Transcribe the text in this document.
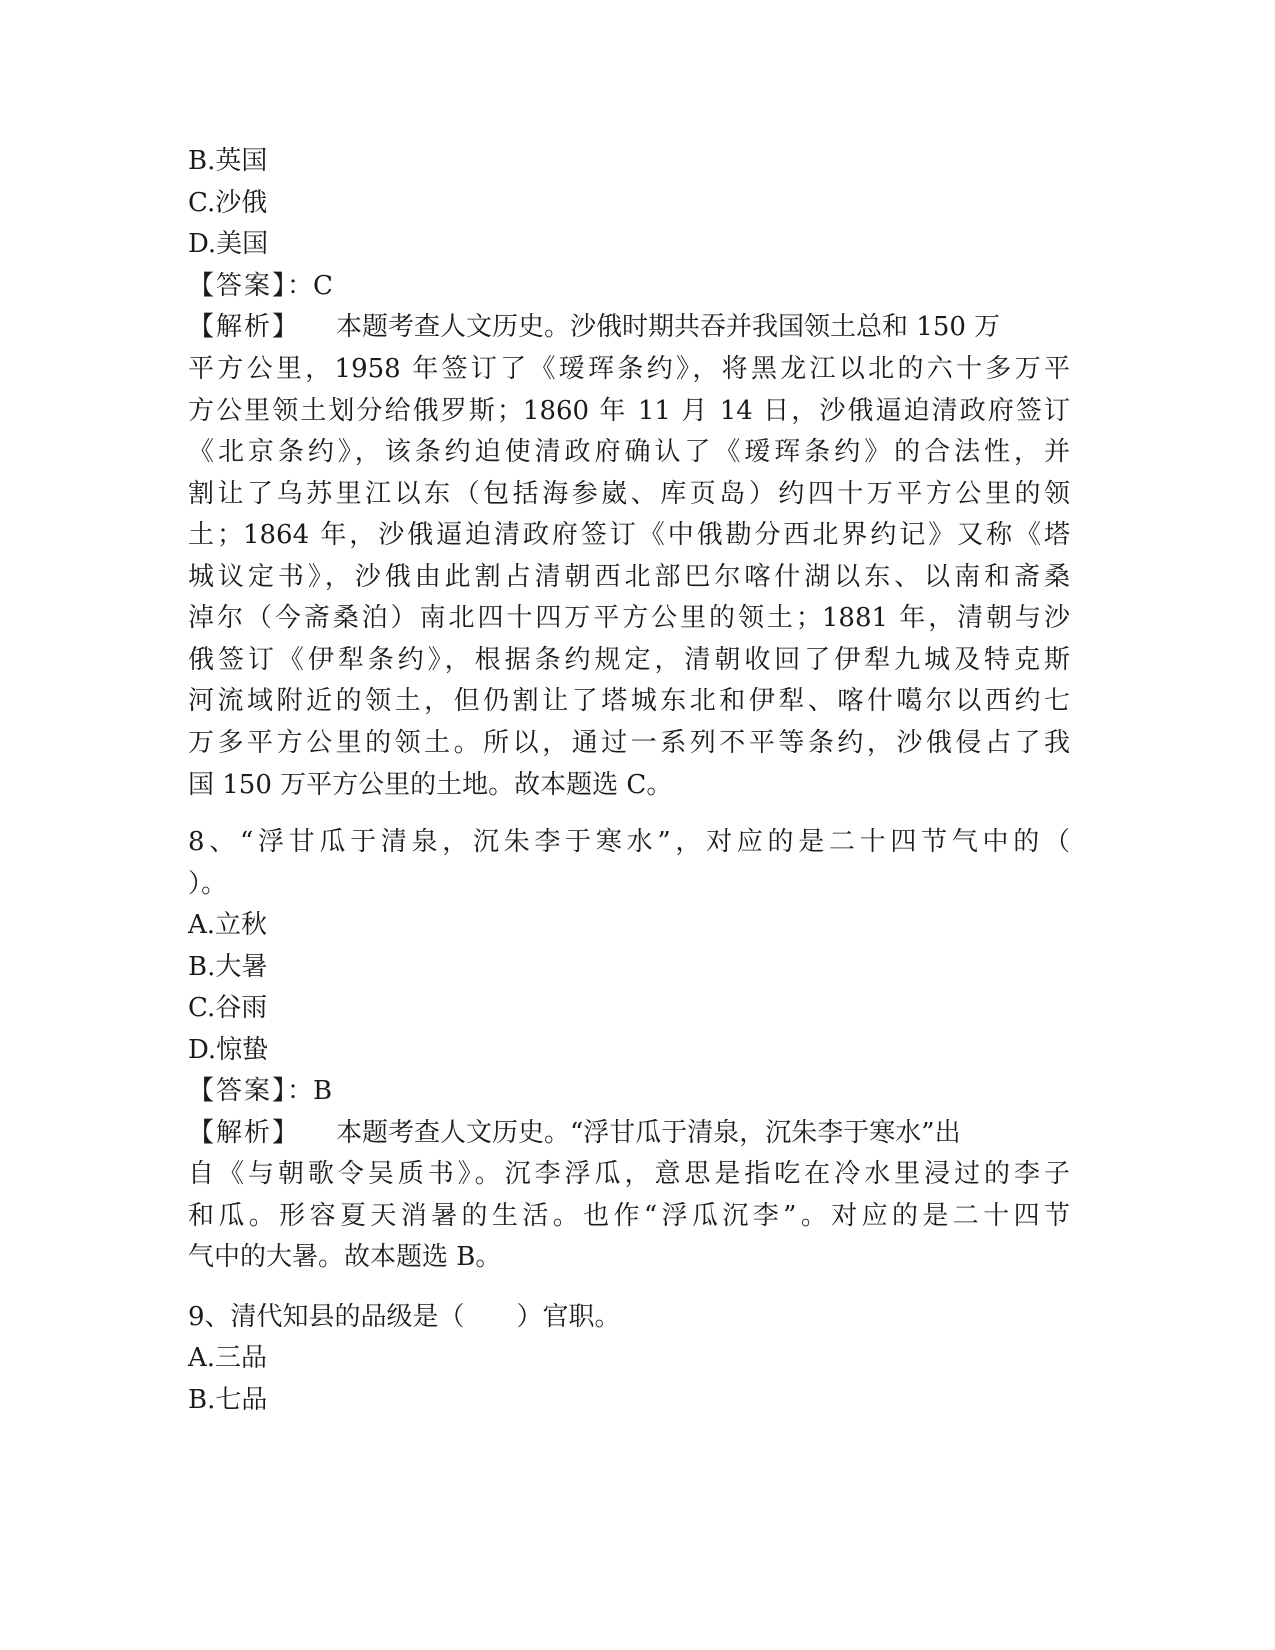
B.英国
C.沙俄
D.美国
【答案】：C
【解析】 本题考查人文历史。沙俄时期共吞并我国领土总和 150 万
平方公里，1958 年签订了《瑷珲条约》，将黑龙江以北的六十多万平
方公里领土划分给俄罗斯；1860 年 11 月 14 日，沙俄逼迫清政府签订
《北京条约》，该条约迫使清政府确认了《瑷珲条约》的合法性，并
割让了乌苏里江以东（包括海参崴、库页岛）约四十万平方公里的领
土；1864 年，沙俄逼迫清政府签订《中俄勘分西北界约记》又称《塔
城议定书》，沙俄由此割占清朝西北部巴尔喀什湖以东、以南和斋桑
淖尔（今斋桑泊）南北四十四万平方公里的领土；1881 年，清朝与沙
俄签订《伊犁条约》，根据条约规定，清朝收回了伊犁九城及特克斯
河流域附近的领土，但仍割让了塔城东北和伊犁、喀什噶尔以西约七
万多平方公里的领土。所以，通过一系列不平等条约，沙俄侵占了我
国 150 万平方公里的土地。故本题选 C。
8、“浮甘瓜于清泉，沉朱李于寒水”，对应的是二十四节气中的（
）。
A.立秋
B.大暑
C.谷雨
D.惊蛰
【答案】：B
【解析】 本题考查人文历史。“浮甘瓜于清泉，沉朱李于寒水”出
自《与朝歌令吴质书》。沉李浮瓜，意思是指吃在冷水里浸过的李子
和瓜。形容夏天消暑的生活。也作“浮瓜沉李”。对应的是二十四节
气中的大暑。故本题选 B。
9、清代知县的品级是（　　）官职。
A.三品
B.七品
